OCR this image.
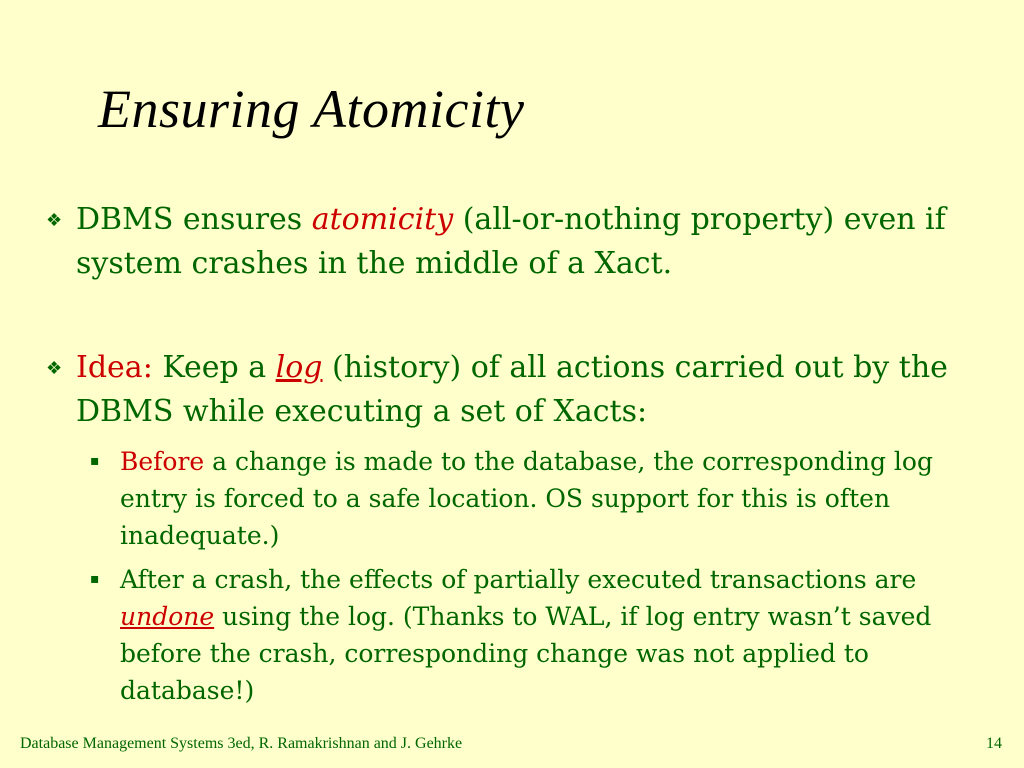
Ensuring Atomicity
❖ DBMS ensures atomicity (all-or-nothing property) even if system crashes in the middle of a Xact.
❖ Idea: Keep a log (history) of all actions carried out by the DBMS while executing a set of Xacts:
▪ Before a change is made to the database, the corresponding log entry is forced to a safe location. OS support for this is often inadequate.)
▪ After a crash, the effects of partially executed transactions are undone using the log. (Thanks to WAL, if log entry wasn’t saved before the crash, corresponding change was not applied to database!)
Database Management Systems 3ed, R. Ramakrishnan and J. Gehrke	14
